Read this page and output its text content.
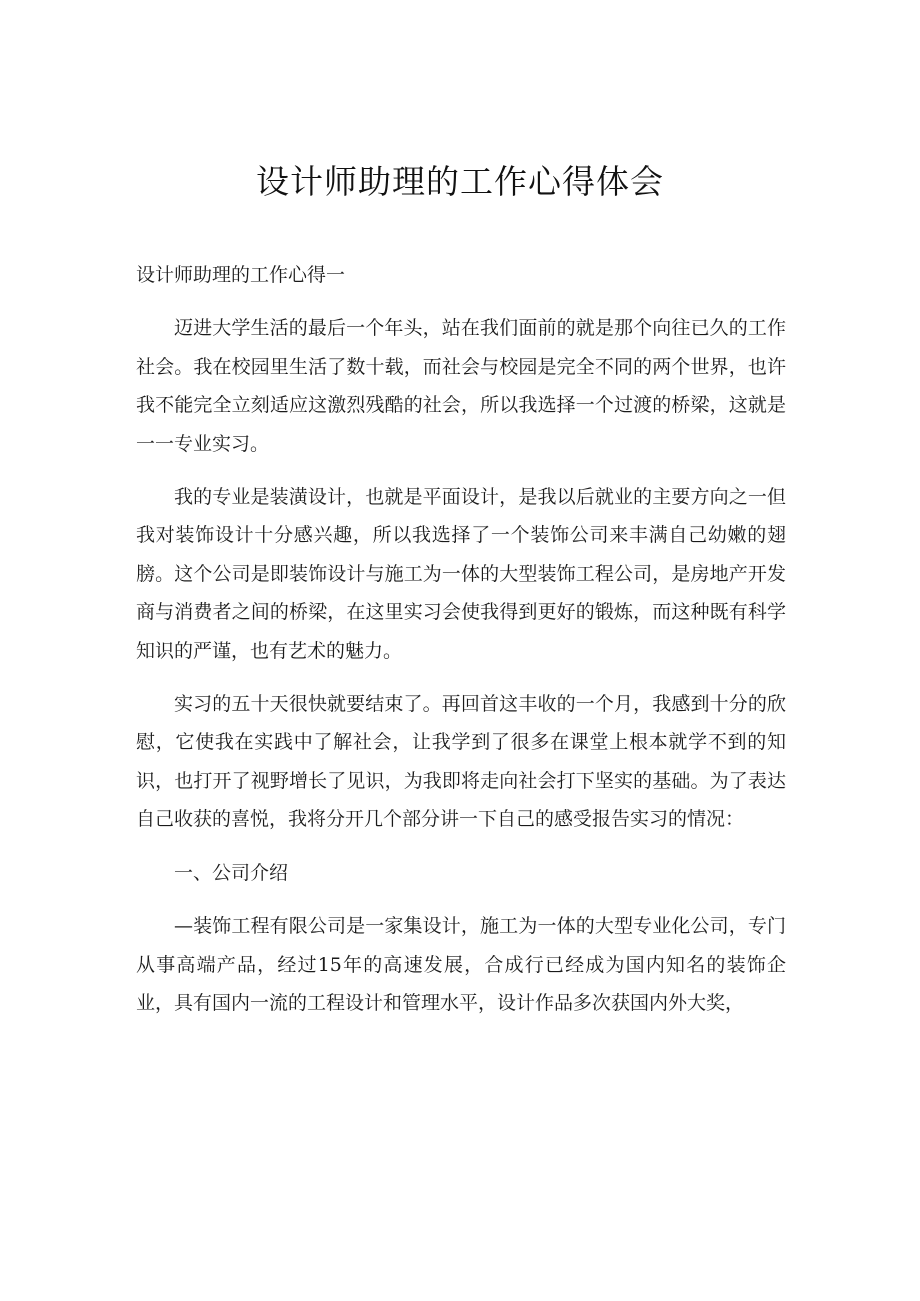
设计师助理的工作心得体会

设计师助理的工作心得一

迈进大学生活的最后一个年头，站在我们面前的就是那个向往已久的工作社会。我在校园里生活了数十载，而社会与校园是完全不同的两个世界，也许我不能完全立刻适应这激烈残酷的社会，所以我选择一个过渡的桥梁，这就是一一专业实习。

我的专业是装潢设计，也就是平面设计，是我以后就业的主要方向之一但我对装饰设计十分感兴趣，所以我选择了一个装饰公司来丰满自己幼嫩的翅膀。这个公司是即装饰设计与施工为一体的大型装饰工程公司，是房地产开发商与消费者之间的桥梁，在这里实习会使我得到更好的锻炼，而这种既有科学知识的严谨，也有艺术的魅力。

实习的五十天很快就要结束了。再回首这丰收的一个月，我感到十分的欣慰，它使我在实践中了解社会，让我学到了很多在课堂上根本就学不到的知识，也打开了视野增长了见识，为我即将走向社会打下坚实的基础。为了表达自己收获的喜悦，我将分开几个部分讲一下自己的感受报告实习的情况：

一、公司介绍

—装饰工程有限公司是一家集设计，施工为一体的大型专业化公司，专门从事高端产品，经过15年的高速发展，合成行已经成为国内知名的装饰企业，具有国内一流的工程设计和管理水平，设计作品多次获国内外大奖，
